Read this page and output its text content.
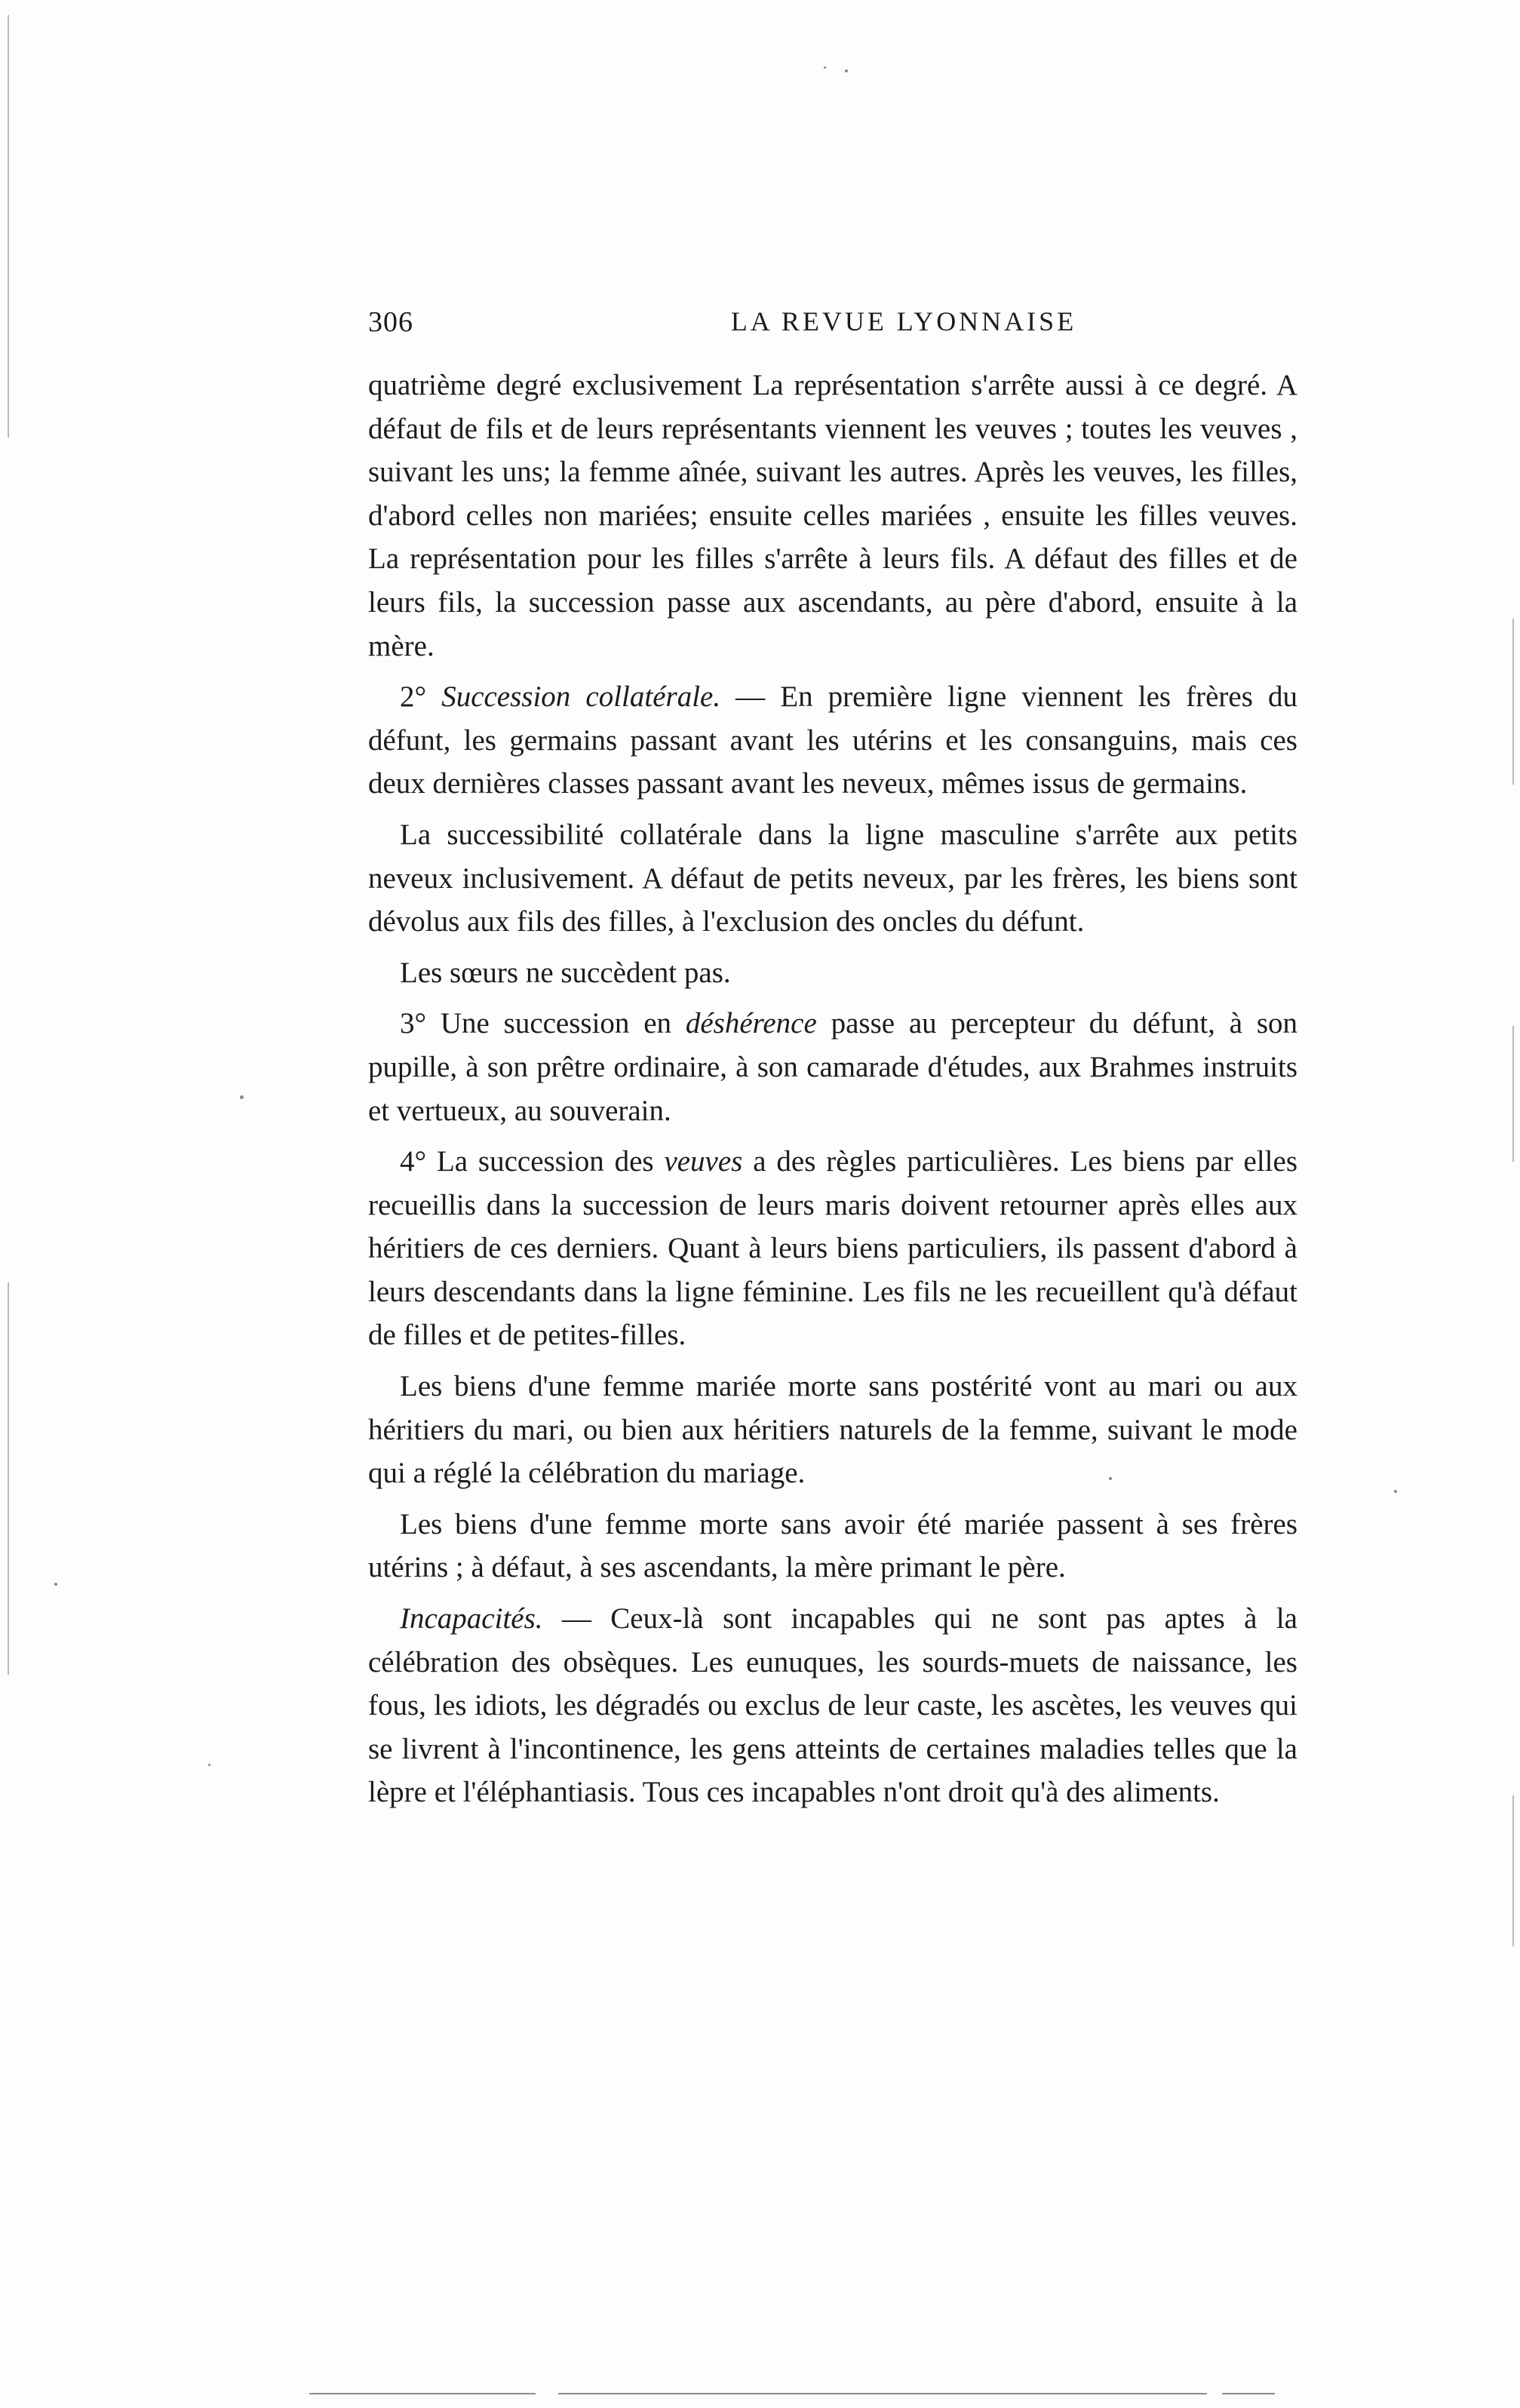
306	LA REVUE LYONNAISE

quatrième degré exclusivement La représentation s'arrête aussi à ce degré. A défaut de fils et de leurs représentants viennent les veuves ; toutes les veuves , suivant les uns; la femme aînée, suivant les autres. Après les veuves, les filles, d'abord celles non mariées; ensuite celles mariées , ensuite les filles veuves. La représentation pour les filles s'arrête à leurs fils. A défaut des filles et de leurs fils, la succession passe aux ascendants, au père d'abord, ensuite à la mère.

2° Succession collatérale. — En première ligne viennent les frères du défunt, les germains passant avant les utérins et les consanguins, mais ces deux dernières classes passant avant les neveux, mêmes issus de germains.

La successibilité collatérale dans la ligne masculine s'arrête aux petits neveux inclusivement. A défaut de petits neveux, par les frères, les biens sont dévolus aux fils des filles, à l'exclusion des oncles du défunt.

Les sœurs ne succèdent pas.

3° Une succession en déshérence passe au percepteur du défunt, à son pupille, à son prêtre ordinaire, à son camarade d'études, aux Brahmes instruits et vertueux, au souverain.

4° La succession des veuves a des règles particulières. Les biens par elles recueillis dans la succession de leurs maris doivent retourner après elles aux héritiers de ces derniers. Quant à leurs biens particuliers, ils passent d'abord à leurs descendants dans la ligne féminine. Les fils ne les recueillent qu'à défaut de filles et de petites-filles.

Les biens d'une femme mariée morte sans postérité vont au mari ou aux héritiers du mari, ou bien aux héritiers naturels de la femme, suivant le mode qui a réglé la célébration du mariage.

Les biens d'une femme morte sans avoir été mariée passent à ses frères utérins ; à défaut, à ses ascendants, la mère primant le père.

Incapacités. — Ceux-là sont incapables qui ne sont pas aptes à la célébration des obsèques. Les eunuques, les sourds-muets de naissance, les fous, les idiots, les dégradés ou exclus de leur caste, les ascètes, les veuves qui se livrent à l'incontinence, les gens atteints de certaines maladies telles que la lèpre et l'éléphantiasis. Tous ces incapables n'ont droit qu'à des aliments.
